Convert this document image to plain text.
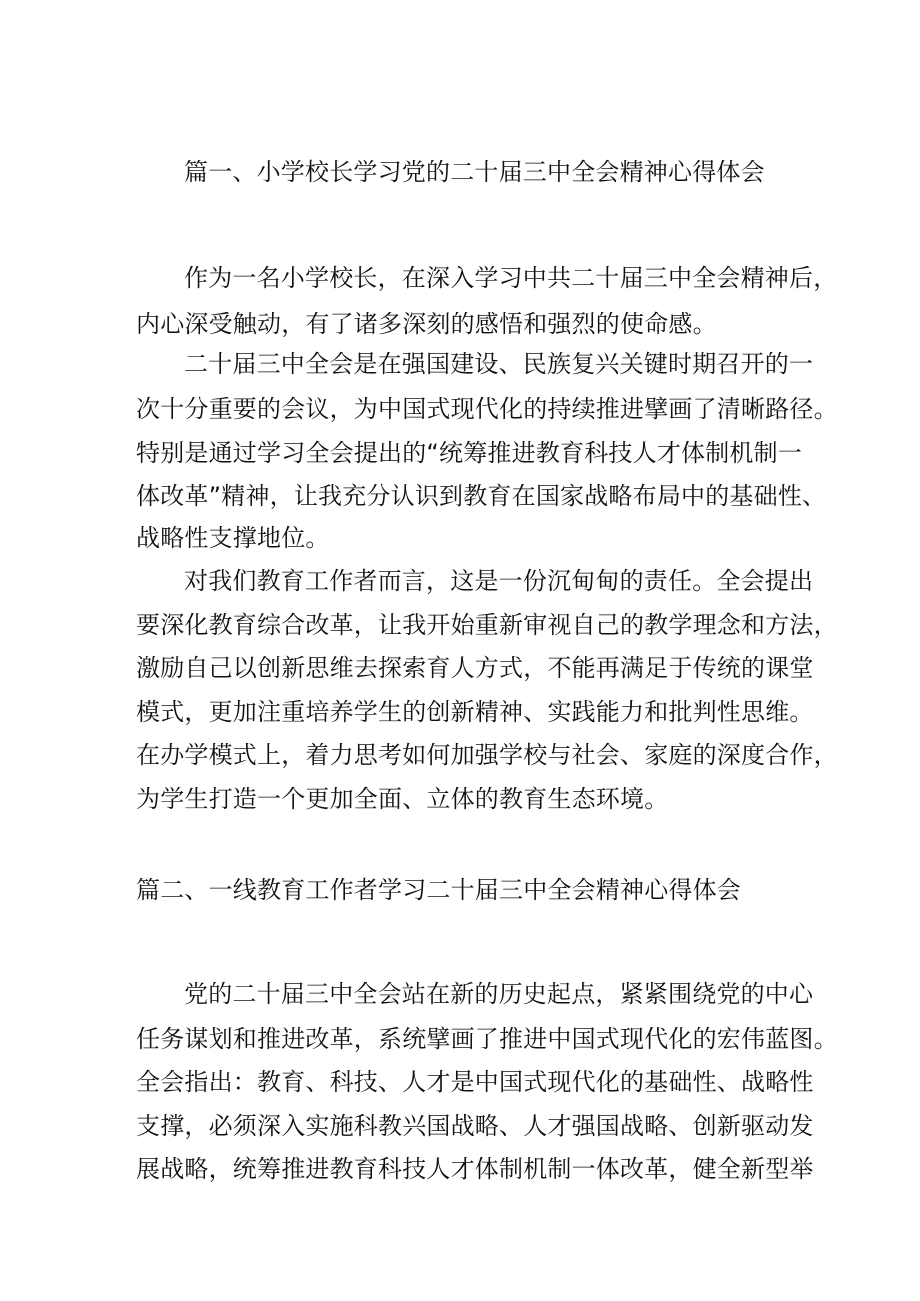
篇一、小学校长学习党的二十届三中全会精神心得体会
作为一名小学校长，在深入学习中共二十届三中全会精神后，
内心深受触动，有了诸多深刻的感悟和强烈的使命感。
二十届三中全会是在强国建设、民族复兴关键时期召开的一
次十分重要的会议，为中国式现代化的持续推进擘画了清晰路径。
特别是通过学习全会提出的“统筹推进教育科技人才体制机制一
体改革”精神，让我充分认识到教育在国家战略布局中的基础性、
战略性支撑地位。
对我们教育工作者而言，这是一份沉甸甸的责任。全会提出
要深化教育综合改革，让我开始重新审视自己的教学理念和方法，
激励自己以创新思维去探索育人方式，不能再满足于传统的课堂
模式，更加注重培养学生的创新精神、实践能力和批判性思维。
在办学模式上，着力思考如何加强学校与社会、家庭的深度合作，
为学生打造一个更加全面、立体的教育生态环境。
篇二、一线教育工作者学习二十届三中全会精神心得体会
党的二十届三中全会站在新的历史起点，紧紧围绕党的中心
任务谋划和推进改革，系统擘画了推进中国式现代化的宏伟蓝图。
全会指出：教育、科技、人才是中国式现代化的基础性、战略性
支撑，必须深入实施科教兴国战略、人才强国战略、创新驱动发
展战略，统筹推进教育科技人才体制机制一体改革，健全新型举
